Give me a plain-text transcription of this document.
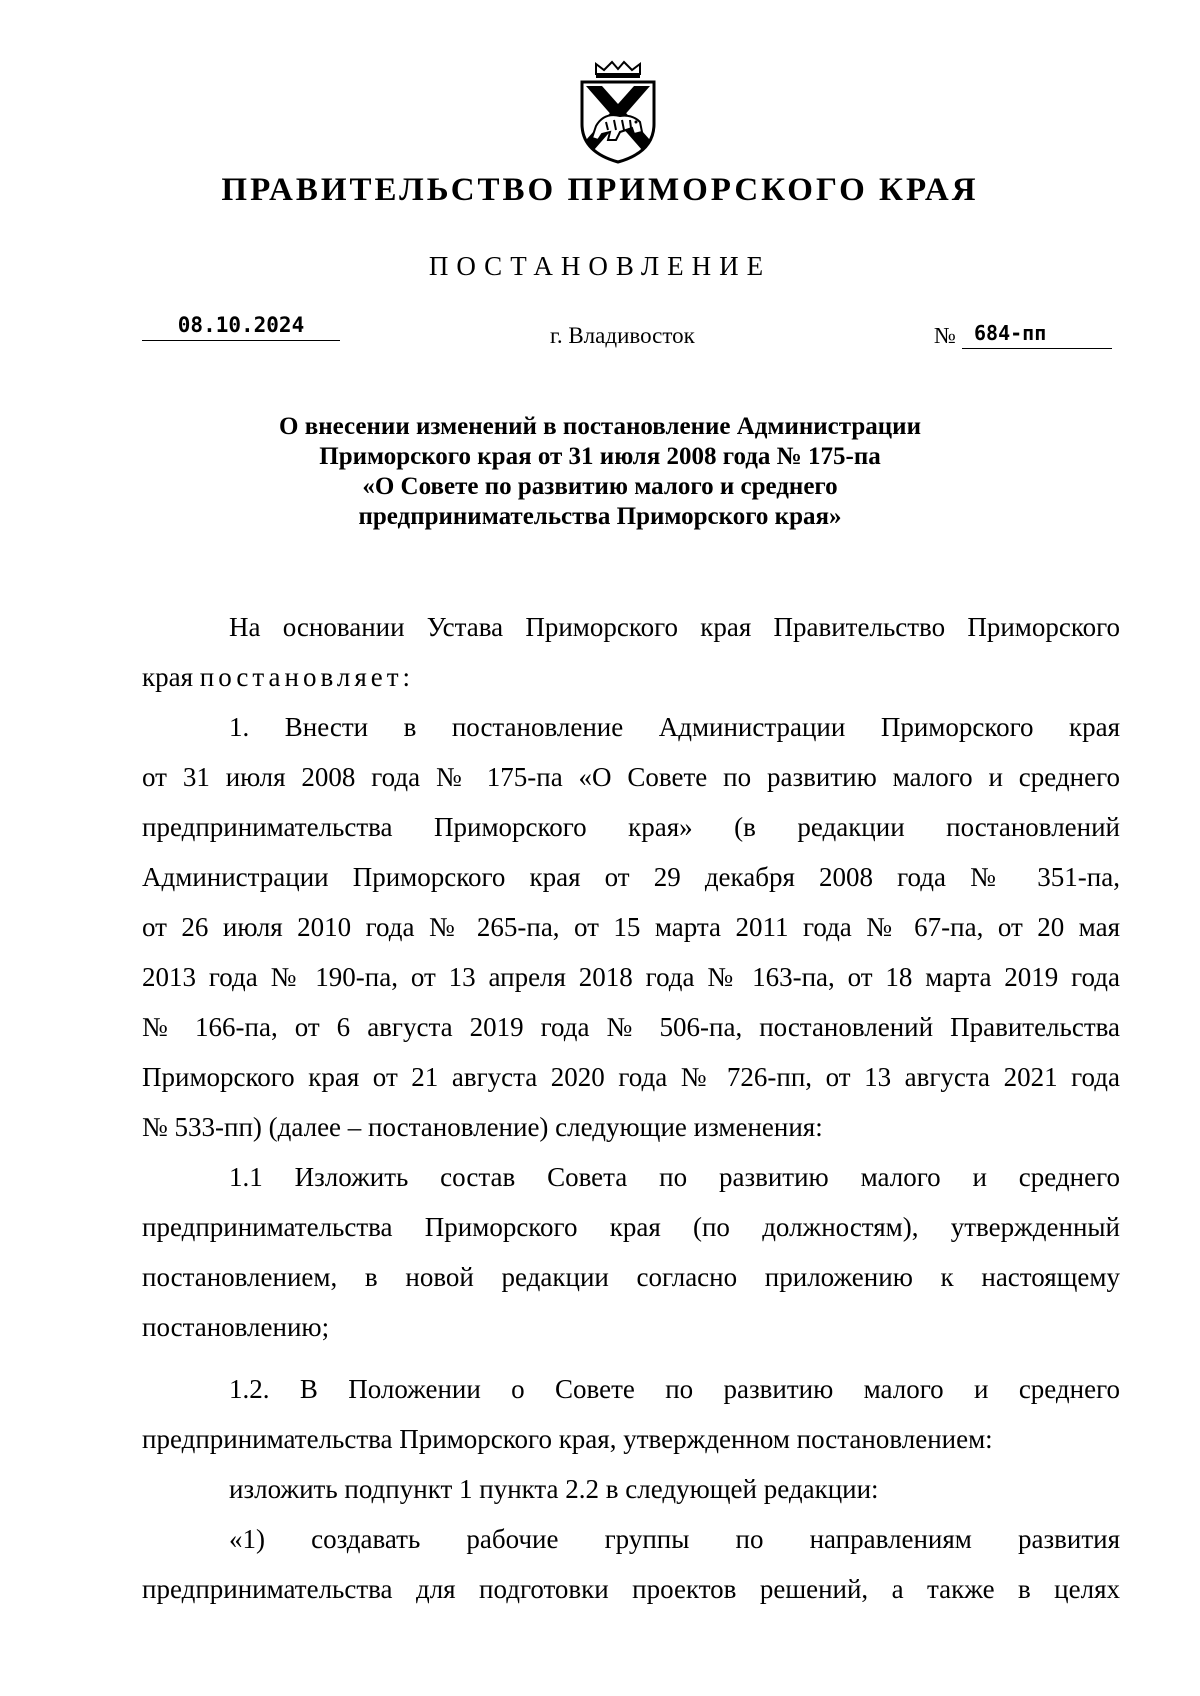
ПРАВИТЕЛЬСТВО ПРИМОРСКОГО КРАЯ
ПОСТАНОВЛЕНИЕ
08.10.2024	г. Владивосток	№ 684-пп
О внесении изменений в постановление Администрации
Приморского края от 31 июля 2008 года № 175-па
«О Совете по развитию малого и среднего
предпринимательства Приморского края»
На основании Устава Приморского края Правительство Приморского
края постановляет:
1. Внести в постановление Администрации Приморского края
от 31 июля 2008 года № 175-па «О Совете по развитию малого и среднего
предпринимательства Приморского края» (в редакции постановлений
Администрации Приморского края от 29 декабря 2008 года № 351-па,
от 26 июля 2010 года № 265-па, от 15 марта 2011 года № 67-па, от 20 мая
2013 года № 190-па, от 13 апреля 2018 года № 163-па, от 18 марта 2019 года
№ 166-па, от 6 августа 2019 года № 506-па, постановлений Правительства
Приморского края от 21 августа 2020 года № 726-пп, от 13 августа 2021 года
№ 533-пп) (далее – постановление) следующие изменения:
1.1 Изложить состав Совета по развитию малого и среднего
предпринимательства Приморского края (по должностям), утвержденный
постановлением, в новой редакции согласно приложению к настоящему
постановлению;
1.2. В Положении о Совете по развитию малого и среднего
предпринимательства Приморского края, утвержденном постановлением:
изложить подпункт 1 пункта 2.2 в следующей редакции:
«1) создавать рабочие группы по направлениям развития
предпринимательства для подготовки проектов решений, а также в целях
